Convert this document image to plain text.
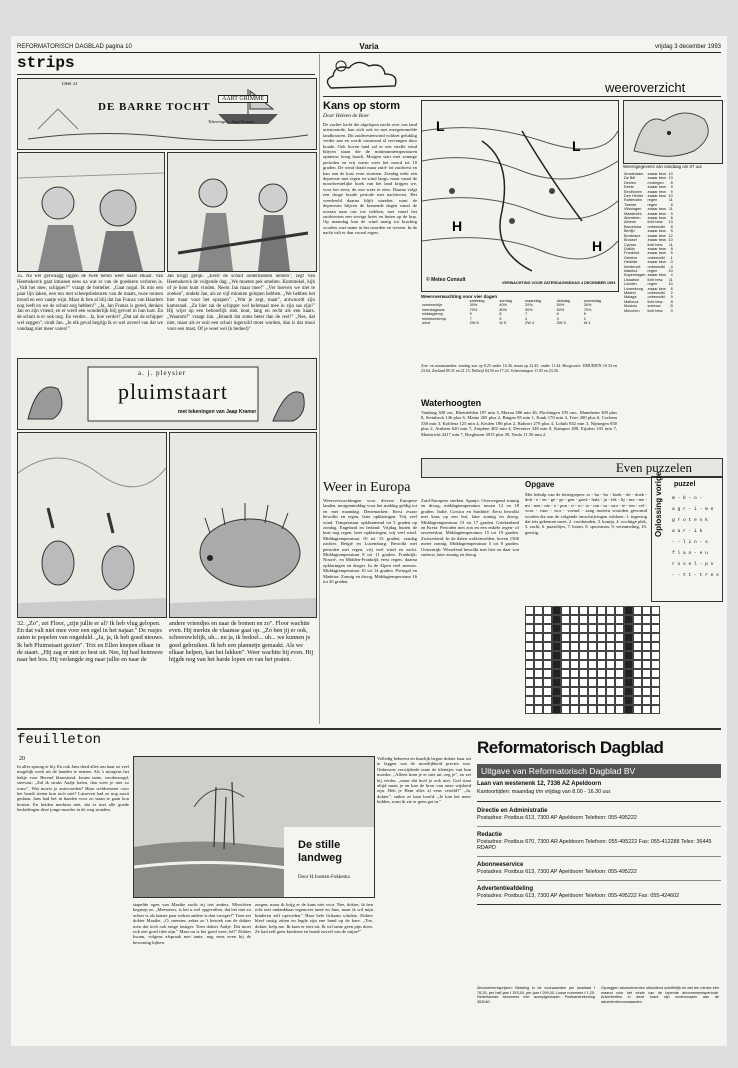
REFORMATORISCH DAGBLAD pagina 10	Varia	vrijdag 3 december 1993
strips
Deel 31
DE BARRE TOCHT
AART GRIMME
Tekeningen: Jaap Kramer
35. Na wel gerwaagg liggen de twee beton weer naast elkaar. Van Heemskerck gaat intussen eens na wat er van de goederen verloren is. „Valt het mee, schipper?" vraagt de botteller. „Gaat nogal. Ik mis een paar lijn laken, een ton met scheepsbeleuren van de maats, twee tonnen brood en een vaatje wijn. Maar ik ben al blij dat Jan Fransz van Haarlem nog leeft en we de schuit nog hebben!" „Ja, Jan Fransz is gered, denken Jan en zijn vriend, en er werd een wonderlijk blij gevoel in hun hart. En de schuit is er ook nog. En verder... Ja, hoe verder? „Dat zal de schipper wel zeggen", vindt Jan. „In elk geval begrijp ik er wel zoveel van dat we vandaag niet meer varen!"
Jan krijgt gelijk. „Eerst de schuit onderhanden nemen", zegt Van Heemskerck de volgende dag. „We moeten pek smelten. Kommekel, kijk of je hout kunt vinden. Neem Jan maar mee!" „Ver hoeven we niet te zoeken", ondekt Jan, als ze vijf minuten gelopen hebben. „We hebben het hier maar voor het oprapen". „Wat je zegt, maat", antwoordt zijn kameraad. „Zo hier zal de schipper wel helemaal mee in zijn sas zijn!" Hij wijst op een beboorlijk stuk hout, lang en recht als een kaars. „Waarom?" vraagt Jan. „Brandt dat soms beter dan de rest?" „Nee, dat niet, maar als er ooit een schuit ingeruild moet worden, dan is dat mooi voor een mast. Of je weet wel (k bedoel)"
a. j. pleysier
pluimstaart
met tekeningen van Jaap Kramer
32. „Zo", zei Floor, „zijn jullie er al? Ik heb vlug gelopen. En dat valt niet mee voor een egel in het najaar." De rusjes zaten te popelen van ongeduld. „Ja, ja, ik heb goed nieuws. Ik heb Pluimstaart gezien". Trix en Ellen knepen elkaar in de staart. „Hij zag er niet zo best uit. Nee, hij had heimwee naar het bos. Hij verlangde erg naar jullie en naar de
andere vriendjes en naar de bomen en zo". Floor wachtte even. Hij merkte de vlaamse gaai op. „Zo ben jij er ook, schreeuwlelijk, uh... nu ja, ik bedoel... uh... we kunnen je goed gebruiken. Ik heb een plannetje gemaakt. Als we elkaar helpen, kan het lukken". Weer wachtte hij even. Hij hijgde nog van het harde lopen en van het praten.
weeroverzicht
Kans op storm
Door Heleen de Boer
De zachte lucht die afgelopen nacht over ons land uitstroomde, kan zich ook en met meegenomelde landbouwen. Dit zuidwestenwind voldoet gelukkig verder aan en wordt vanavond al vervangen door koude. Ook boven land zal er een straffe wind blijven staan die de minimumtemperaturen opnieuw hoog houdt. Morgen start met zonnige perioden en vrij warm weer het noord tot 10 graden. De wind draait maar zuid- tot zuidwest en kan aan de kust even stormen. Zondag trekt een depressie met regen en wind langs, maar vanaf de noordwestelijke hoek van het land krijgen we, voor het eerst, de zon weer te zien. Daarna volgt een droge koude periode met nachtvorst. Het weerbeeld daarna blijft onzeker, want de depressies blijven de komende dagen vanaf de oceaan naar ons toe trekken, met vanaf het zuidwesten een stevige bries en buien op de kop. Op maandag kan de wind matig tot krachtig worden, met name in het noorden en westen. In de nacht valt er dan vooral regen.
L
L
H
H
© Meteo Consult	VERWACHTING VOOR ZATERDAGMIDDAG 4 DECEMBER 1993
Weersverwachting voor vier dagen
	zaterdag	zondag	maandag	dinsdag	woensdag
zonneschijn	30%	40%	20%	50%	30%
neerslagkans	70%	80%	90%	60%	70%
middagtemp.	9	8	7	6	5
minimumtemp.	7	5	4	3	2
wind	ZW 6	W 5	ZW 4	ZW 5	W 4
Zon- en maanstanden: zondag zon op 8.25 onder 16.36, maan op 22.45, onder 11.44. Hoogwater: IJMUIDEN 10.34 en 23.04, Zeeland 09.31 en 21.15, Delfzijl 04.56 en 17.24. Scheveningen 11.05 en 23.30.
Weersgegevens van vandaag om 07 uur
Amsterdam	zwaar bew.	10
De Bilt	zwaar bew.	10
Deelen	motregen	8
Eelde	zwaar bew.	9
Eindhoven	zwaar bew.	9
Den Helder	zwaar bew.	10
Rotterdam	regen	11
Twente	regen	8
Vlissingen	zwaar bew.	11
Maastricht	zwaar bew.	9
Aberdeen	zwaar bew.	6
Athene	licht bew.	13
Barcelona	onbewolkt	8
Berlijn	zwaar bew.	5
Bordeaux	zwaar bew.	12
Brussel	zwaar bew.	10
Cyprus	licht bew.	11
Dublin	zwaar bew.	8
Frankfurt	zwaar bew.	5
Genève	onbewolkt	-1
Helsinki	zwaar bew.	-3
Innsbruck	onbewolkt	-4
Istanbul	regen	10
Kopenhagen	zwaar bew.	4
Lissabon	licht bew.	11
Londen	regen	10
Luxemburg	zwaar bew.	6
Madrid	onbewolkt	2
Malaga	onbewolkt	9
Mallorca	licht bew.	8
Moskou	sneeuw	-5
München	licht bew.	0
Waterhoogten
Vandaag 308 cm., Rheinfelden 197 min 3, Maxau 386 min 26, Plochingen 195 onv., Mannheim 309 plus 8, Steinbach 146 plus 6, Mainz 265 plus 2, Bingen 95 min 1, Kaub 170 min 4, Trier 200 plus 6, Cochem 338 min 3, Koblenz 125 min 4, Keulen 186 plus 2, Ruhrort 279 plus 4, Lobith 832 min 3, Nijmegen 830 plus 2, Arnhem 620 min 7, Zutphen 482 min 4, Deventer 348 min 8, Kampen 288, Eijsden 103 min 7, Maastricht 4417 min 7, Borgharen 3915 plus 39, Venlo 11.50 min 2.
Even puzzelen
Weer in Europa
Weersverwachtingen voor diverse Europese landen, morgenmiddag voor het middag geldig tot en met maandag. Denemarken: Eerst zwaar bewolkt en regen, later opklaringen. Vrij veel wind. Temperatuur opklimmend tot 5 graden op zondag. Engeland en Ierland: Vrijdag buiten de kust nog regen, later opklaringen, vrij veel wind. Middagtemperatuur 10 tot 13 graden, zondag zachter. België en Luxemburg: Bewolkt met perioden met regen, vrij veel wind en zacht. Middagtemperatuur 8 tot 11 graden. Frankrijk: Noord-, en Midden-Frankrijk eerst regen, daarna opklaringen en droger. In de Alpen veel sneeuw. Middagtemperatuur 10 tot 14 graden. Portugal en Madeira: Zonnig en droog. Middagtemperatuur 16 tot 20 graden.
Zuid-Europese streken. Spanje: Overwegend zonnig en droog, middagtemperatuur tussen 12 en 18 graden. Italië, Corsica en Sardinië: Eerst bewolkt met kans op een bui, later zonnig en droog. Middagtemperatuur 13 tot 17 graden. Griekenland en Kreta: Perioden met zon en een enkele regen- of onweersbui. Middagtemperatuur 15 tot 19 graden. Zwitserland: In de dalen wolkenvelden, boven 1500 meter zonnig. Middagtemperatuur 5 tot 8 graden. Oostenrijk: Wisselend bewolkt met hier en daar wat sneeuw, later zonnig en droog.
Opgave
Met behulp van de lettergrepen: ar - ba - bo - boek - de - doek - doh - e - en - ge - ge - gen - goed - hula - ja - lek - lij - ma - me - mi - nen - nie - o - pon - ri - ro - ro - ron - sa - stro - te - ten - vel - voor - vuur - wor - vormd - zang moeten woorden gevormd worden die aan de volgende omschrijvingen voldoen: 1. ingeving dat iets gebeuren moet, 2. voorhanden, 3. konijn, 4. vochtige plek, 5. zacht, 6. puzzeltjes, 7. boom, 8. sportsman, 9. verzameling, 10. geestig.	Oplossing vorige puzzel
m - b - o -
a g r - i - m e
g r o t e s k
a a r - i k
- - l i n - s
f l a n - e u
r o s e l - p o
- - t t - t r e s
feuilleton
20
In alles sprong er bij. En ook Jans deed alles om haar zo veel mogelijk werk uit de handen te nemen. Als 's morgens het bakje voor Berend klaarstond, kwam tante, voorbezorgd, steevast: „Zal ik straks Aadje halen, dan weet je niet zo rouw". Wat moest je antwoorden? Haar weldoenster voor het houdt steten kon toch niet? Luiseven had ze nog nooit gedaan. Jans had het in handen voor zo staan te gaan kon kosten. En beiden merkten niet, dat er met alle goede bedoelingen deze jonge moeder in de weg stonden.
De stille landweg
Door H.Joosten-Fokkema
stapelde ogen van Maaike zocht zij iets anders. Misschien begreep ze. „Meesteres, is het u wel opgevallen, dat het niet zo achter is als laatste paar weken andere is dan vroeger?" Toen zei dokter Maaike. „O, meester, zeker zo 't bezoek van de dokter toen dat toch ook enige lastiger. Toen dokter Aadje. Dat moet ook een goed idee zijn." Maar nu is het goed weer, hè!" Dokter kwam, volgens afspraak met tante, nog eens even bij de bewoning kijken.
zorgen, maar ik krijg er de kans niet voor. Nee, dokter, ik ben echt niet ondankbaar tegenover tante en Jans, maar ik wil mijn kinderen zelf opvoeden." Haar hele lichaam schokte. Dokter bleef rustig zitten en legde zijn ene hand op de hare. „Toe, dokter, help me. Ik kom er niet uit. Ik wil tante geen pijn doen. Ze had zelf geen kinderen en houdt zoveel van de mijne!"
Volledig beheerst en haarlijk begon dokter haar uit te leggen wat de moeilijkheid precies was. Onbewust verwijderde tante de kleintjes van hun moeder. „Alleen kom je er niet uit, zeg je", zo zei hij verder, „maar dat hoef je ook niet. God staat altijd naast je en kan de bron van onze wijsheid zijn. Heb je Hem alles al eens verteld?" „Ja, dokter", snikte ze haar hoofd. „Je kan het meer bidden, want ik zie er geen gat in."
Reformatorisch Dagblad
Uitgave van Reformatorisch Dagblad BV
Laan van westenenk 12, 7336 AZ Apeldoorn
Kantoortijden: maandag t/m vrijdag van 8.00 - 16.30 uur.
Directie en Administratie
Postadres: Postbus 613, 7300 AP Apeldoorn Telefoon: 055-495222
Redactie
Postadres: Postbus 670, 7300 AR Apeldoorn Telefoon: 055-495222 Fax: 055-412288 Telex: 36445 RDAPD
Abonneeservice
Postadres: Postbus 613, 7300 AP Apeldoorn Telefoon: 055-495222
Advertentieafdeling
Postadres: Postbus 613, 7300 AP Apeldoorn Telefoon: 055-495222 Fax: 055-424602
Abonnementsprijzen: Betaling in de voorwaarden per kwartaal f 78,25, per half jaar f 153,50, per jaar f 299,00. Losse nummers f 1,25. Nederlandse abonnees met acceptgirokaart. Postbankrekening 353040.
Opzeggen abonnementen uitsluitend schriftelijk en wel ten minste één maand vóór het einde van de lopende abonnementsperiode. Advertenties in deze krant zijn onderworpen aan de advertentievoorwaarden.
